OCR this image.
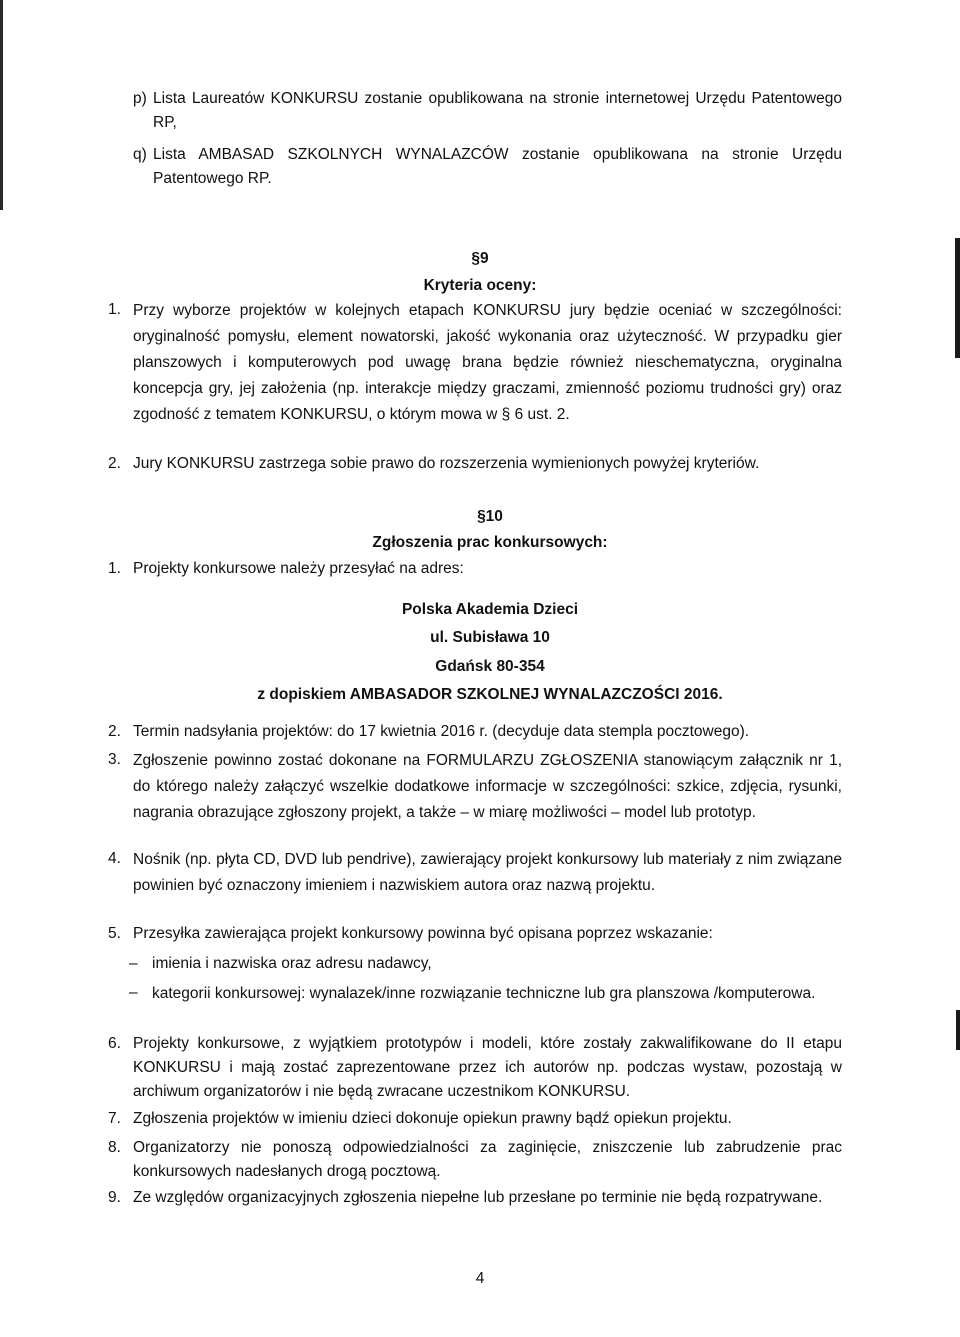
p) Lista Laureatów KONKURSU zostanie opublikowana na stronie internetowej Urzędu Patentowego RP,
q) Lista AMBASAD SZKOLNYCH WYNALAZCÓW zostanie opublikowana na stronie Urzędu Patentowego RP.
§9
Kryteria oceny:
1. Przy wyborze projektów w kolejnych etapach KONKURSU jury będzie oceniać w szczególności: oryginalność pomysłu, element nowatorski, jakość wykonania oraz użyteczność. W przypadku gier planszowych i komputerowych pod uwagę brana będzie również nieschematyczna, oryginalna koncepcja gry, jej założenia (np. interakcje między graczami, zmienność poziomu trudności gry) oraz zgodność z tematem KONKURSU, o którym mowa w § 6 ust. 2.
2. Jury KONKURSU zastrzega sobie prawo do rozszerzenia wymienionych powyżej kryteriów.
§10
Zgłoszenia prac konkursowych:
1. Projekty konkursowe należy przesyłać na adres:
Polska Akademia Dzieci
ul. Subisława 10
Gdańsk 80-354
z dopiskiem AMBASADOR SZKOLNEJ WYNALAZCZOŚCI 2016.
2. Termin nadsyłania projektów: do 17 kwietnia 2016 r. (decyduje data stempla pocztowego).
3. Zgłoszenie powinno zostać dokonane na FORMULARZU ZGŁOSZENIA stanowiącym załącznik nr 1, do którego należy załączyć wszelkie dodatkowe informacje w szczególności: szkice, zdjęcia, rysunki, nagrania obrazujące zgłoszony projekt, a także – w miarę możliwości – model lub prototyp.
4. Nośnik (np. płyta CD, DVD lub pendrive), zawierający projekt konkursowy lub materiały z nim związane powinien być oznaczony imieniem i nazwiskiem autora oraz nazwą projektu.
5. Przesyłka zawierająca projekt konkursowy powinna być opisana poprzez wskazanie:
– imienia i nazwiska oraz adresu nadawcy,
– kategorii konkursowej: wynalazek/inne rozwiązanie techniczne lub gra planszowa /komputerowa.
6. Projekty konkursowe, z wyjątkiem prototypów i modeli, które zostały zakwalifikowane do II etapu KONKURSU i mają zostać zaprezentowane przez ich autorów np. podczas wystaw, pozostają w archiwum organizatorów i nie będą zwracane uczestnikom KONKURSU.
7. Zgłoszenia projektów w imieniu dzieci dokonuje opiekun prawny bądź opiekun projektu.
8. Organizatorzy nie ponoszą odpowiedzialności za zaginięcie, zniszczenie lub zabrudzenie prac konkursowych nadesłanych drogą pocztową.
9. Ze względów organizacyjnych zgłoszenia niepełne lub przesłane po terminie nie będą rozpatrywane.
4
